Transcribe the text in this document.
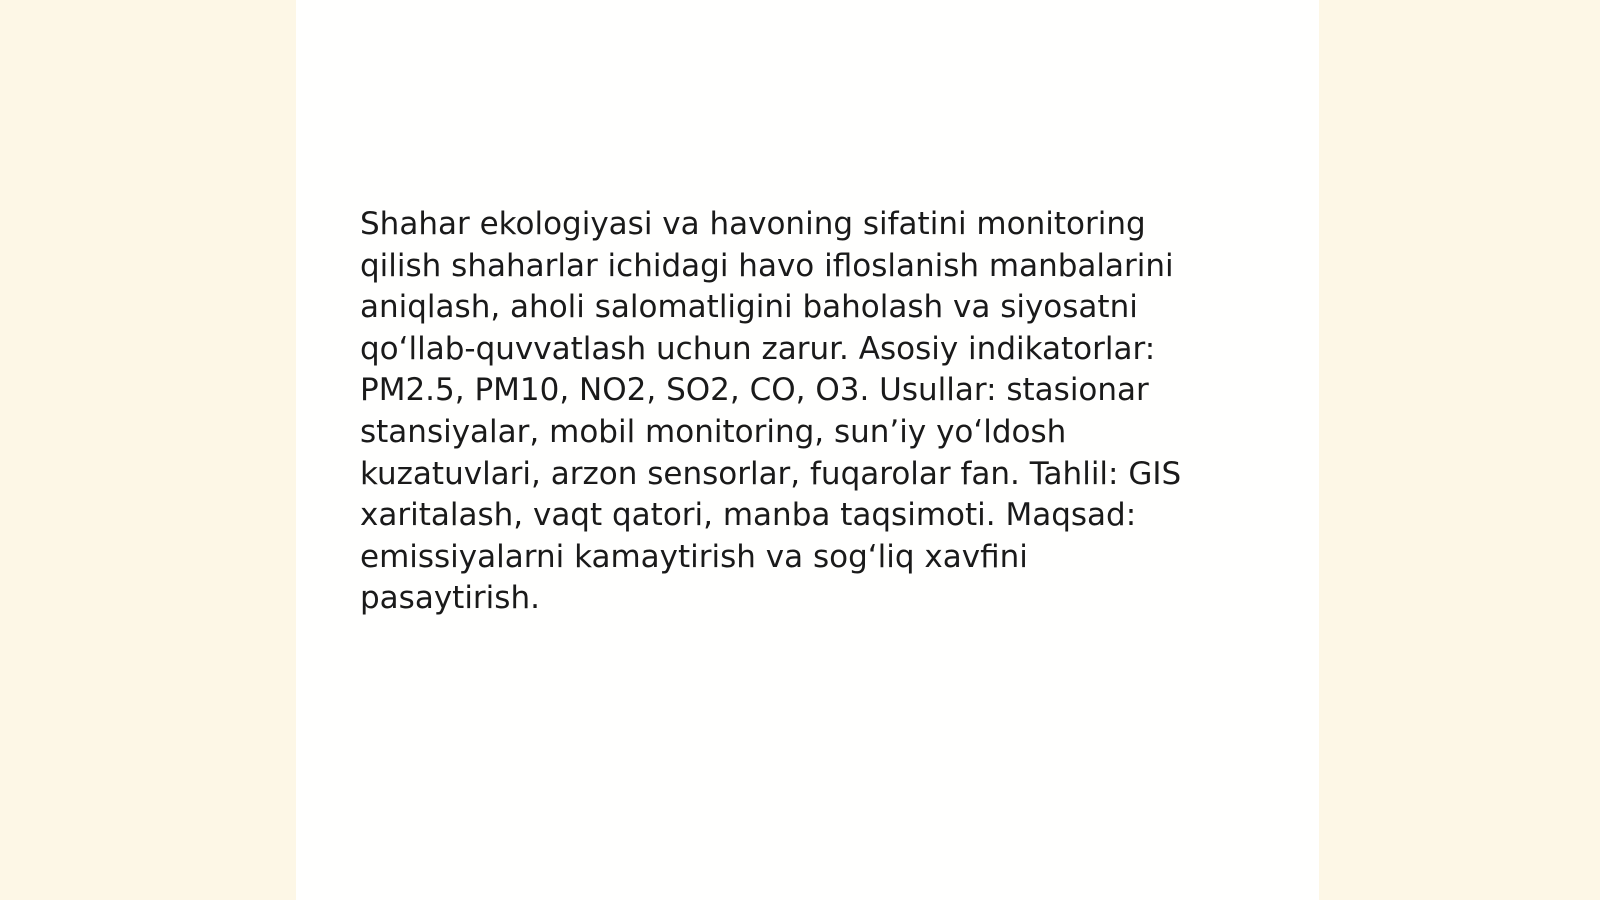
Shahar ekologiyasi va havoning sifatini monitoring
qilish shaharlar ichidagi havo ifloslanish manbalarini
aniqlash, aholi salomatligini baholash va siyosatni
qo‘llab-quvvatlash uchun zarur. Asosiy indikatorlar:
PM2.5, PM10, NO2, SO2, CO, O3. Usullar: stasionar
stansiyalar, mobil monitoring, sun’iy yo‘ldosh
kuzatuvlari, arzon sensorlar, fuqarolar fan. Tahlil: GIS
xaritalash, vaqt qatori, manba taqsimoti. Maqsad:
emissiyalarni kamaytirish va sog‘liq xavfini
pasaytirish.
